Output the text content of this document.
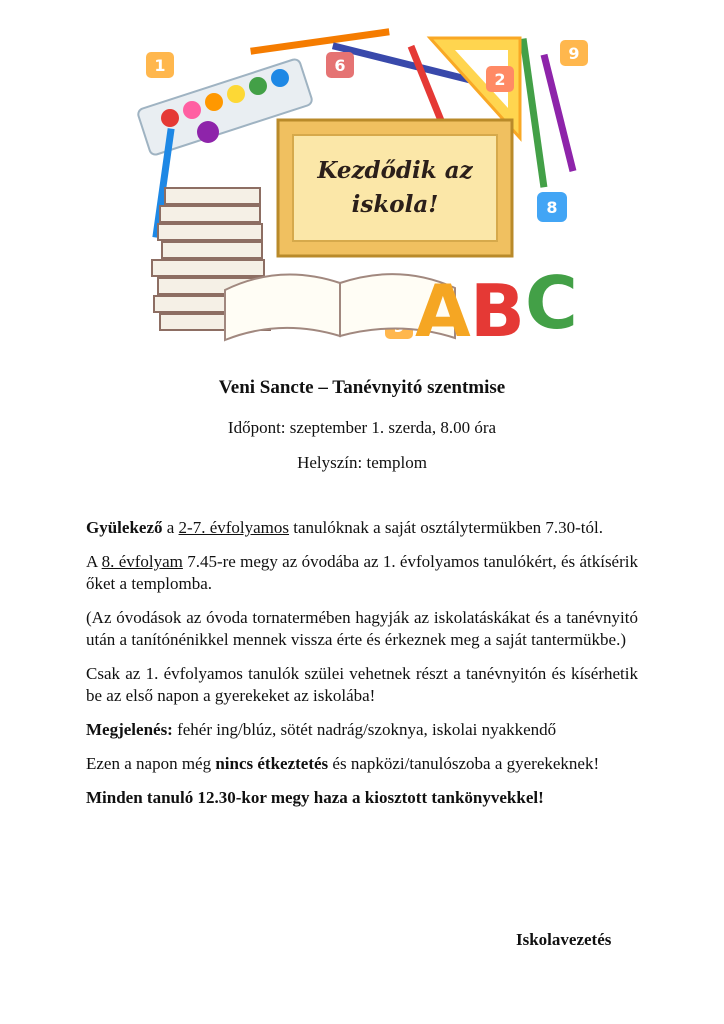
1	6
2
9
8
A B C
Kezdődik az
iskola!
Veni Sancte – Tanévnyitó szentmise
Időpont: szeptember 1. szerda, 8.00 óra
Helyszín: templom

Gyülekező a 2-7. évfolyamos tanulóknak a saját osztálytermükben 7.30-tól.

A 8. évfolyam 7.45-re megy az óvodába az 1. évfolyamos tanulókért, és átkísérik őket a templomba.

(Az óvodások az óvoda tornatermében hagyják az iskolatáskákat és a tanévnyitó után a tanítónénikkel mennek vissza érte és érkeznek meg a saját tantermükbe.)

Csak az 1. évfolyamos tanulók szülei vehetnek részt a tanévnyitón és kísérhetik be az első napon a gyerekeket az iskolába!

Megjelenés: fehér ing/blúz, sötét nadrág/szoknya, iskolai nyakkendő

Ezen a napon még nincs étkeztetés és napközi/tanulószoba a gyerekeknek!

Minden tanuló 12.30-kor megy haza a kiosztott tankönyvekkel!

Iskolavezetés
